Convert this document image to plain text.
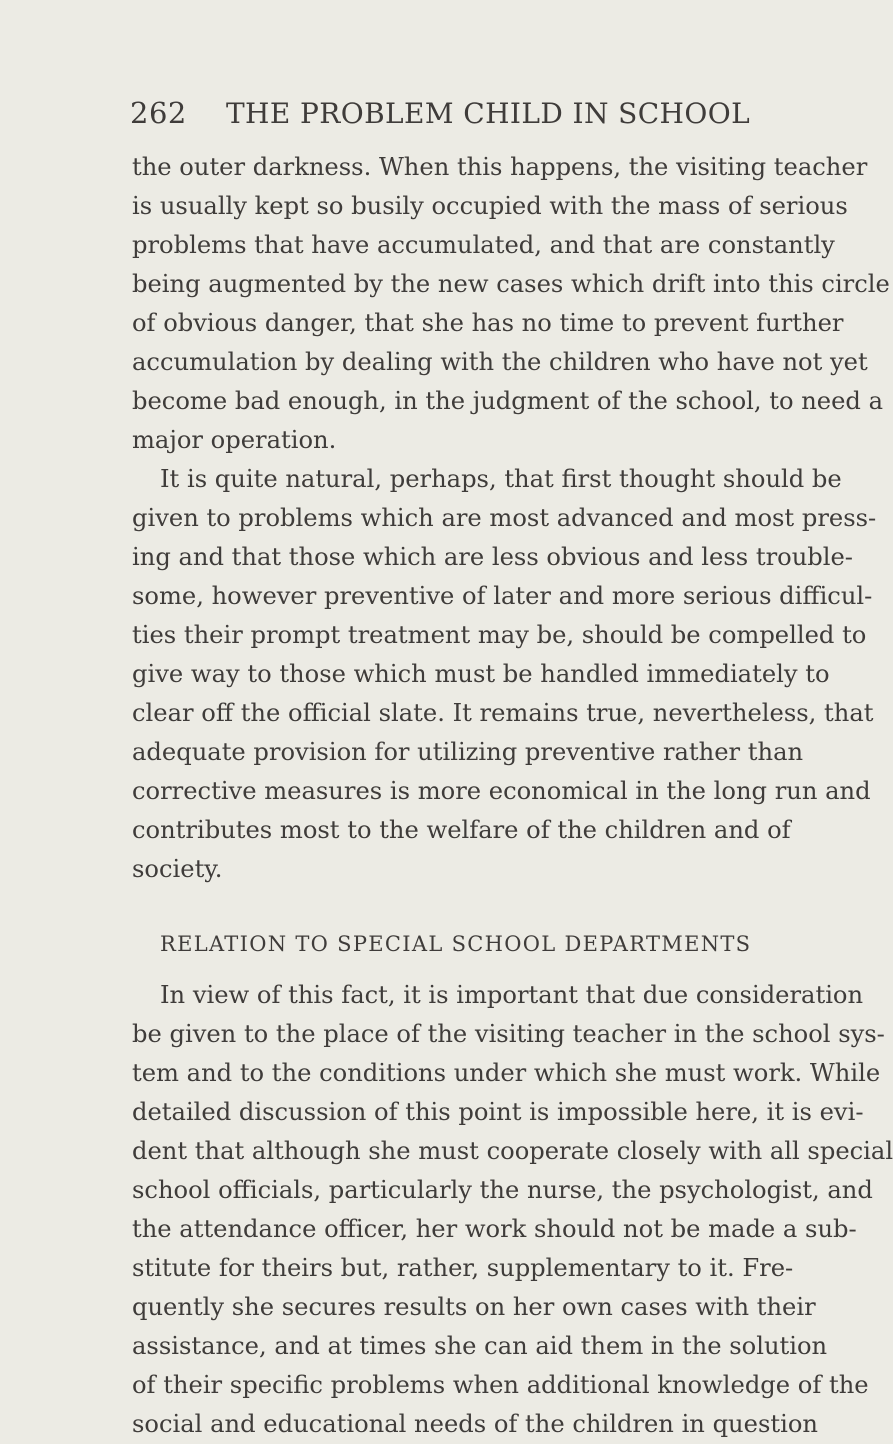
262 THE PROBLEM CHILD IN SCHOOL
the outer darkness. When this happens, the visiting teacher
is usually kept so busily occupied with the mass of serious
problems that have accumulated, and that are constantly
being augmented by the new cases which drift into this circle
of obvious danger, that she has no time to prevent further
accumulation by dealing with the children who have not yet
become bad enough, in the judgment of the school, to need a
major operation.
It is quite natural, perhaps, that first thought should be
given to problems which are most advanced and most press-
ing and that those which are less obvious and less trouble-
some, however preventive of later and more serious difficul-
ties their prompt treatment may be, should be compelled to
give way to those which must be handled immediately to
clear off the official slate. It remains true, nevertheless, that
adequate provision for utilizing preventive rather than
corrective measures is more economical in the long run and
contributes most to the welfare of the children and of
society.
RELATION TO SPECIAL SCHOOL DEPARTMENTS
In view of this fact, it is important that due consideration
be given to the place of the visiting teacher in the school sys-
tem and to the conditions under which she must work. While
detailed discussion of this point is impossible here, it is evi-
dent that although she must cooperate closely with all special
school officials, particularly the nurse, the psychologist, and
the attendance officer, her work should not be made a sub-
stitute for theirs but, rather, supplementary to it. Fre-
quently she secures results on her own cases with their
assistance, and at times she can aid them in the solution
of their specific problems when additional knowledge of the
social and educational needs of the children in question
